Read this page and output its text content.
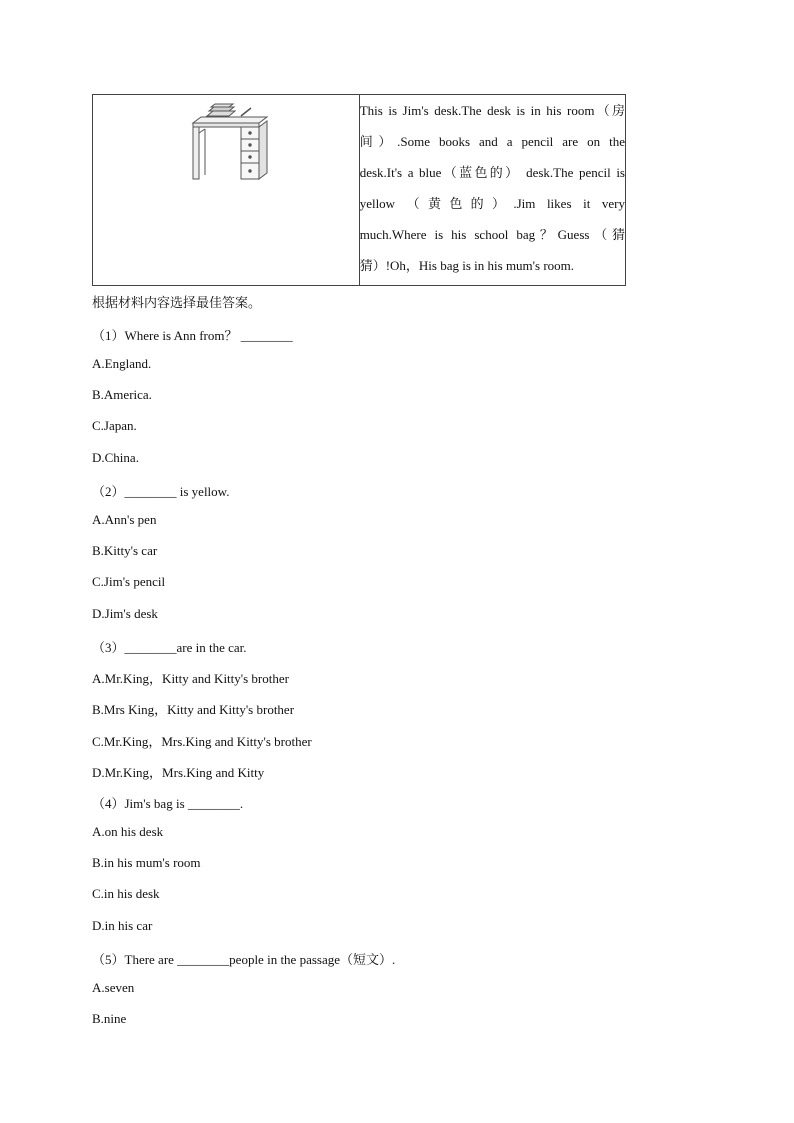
This is Jim's desk.The desk is in his room（房
间）.Some books and a pencil are on the
desk.It's a blue（蓝色的） desk.The pencil is
yellow （黄色的）.Jim likes it very
much.Where is his school bag？Guess（猜
猜）!Oh，His bag is in his mum's room.
根据材料内容选择最佳答案。
（1）Where is Ann from？ ________
A.England.
B.America.
C.Japan.
D.China.
（2）________ is yellow.
A.Ann's pen
B.Kitty's car
C.Jim's pencil
D.Jim's desk
（3）________are in the car.
A.Mr.King，Kitty and Kitty's brother
B.Mrs King，Kitty and Kitty's brother
C.Mr.King，Mrs.King and Kitty's brother
D.Mr.King，Mrs.King and Kitty
（4）Jim's bag is ________.
A.on his desk
B.in his mum's room
C.in his desk
D.in his car
（5）There are ________people in the passage（短文）.
A.seven
B.nine
